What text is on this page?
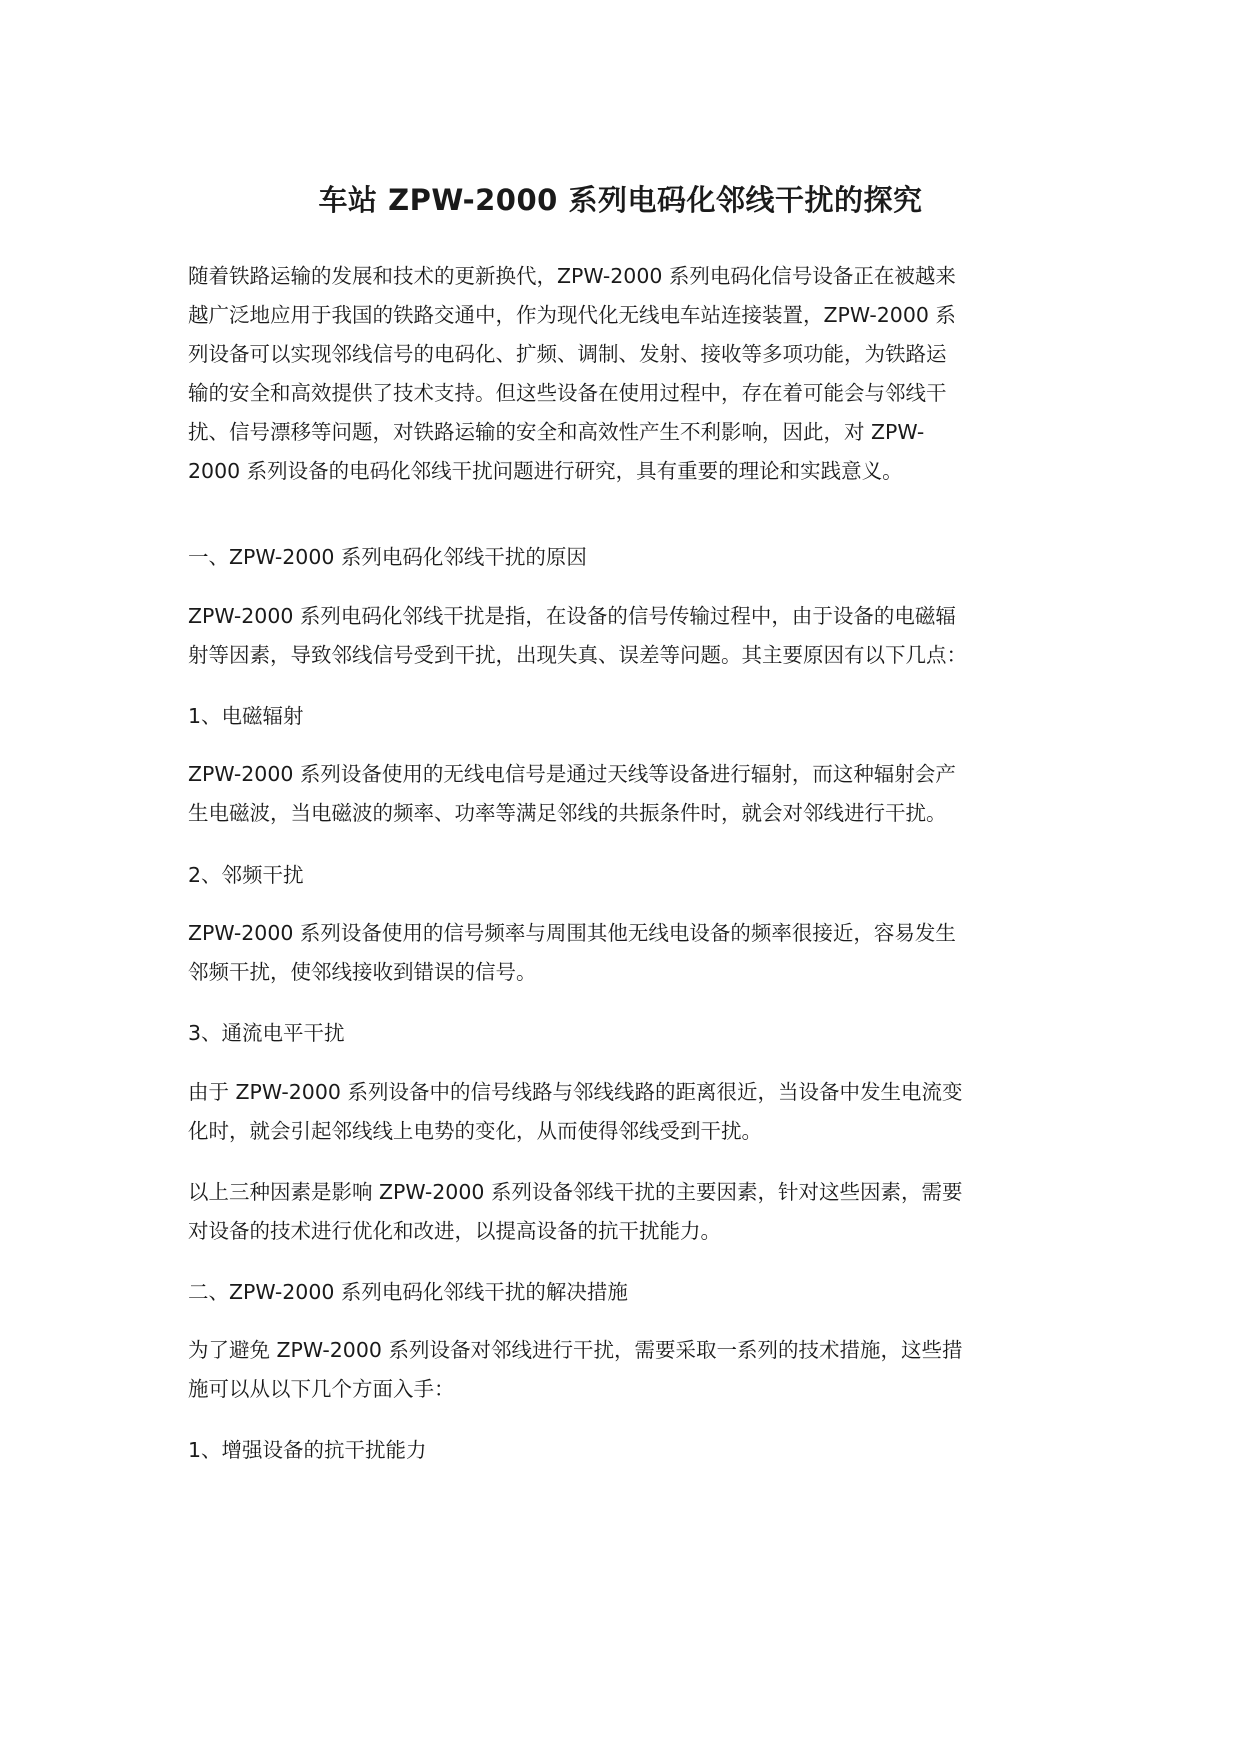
车站 ZPW-2000 系列电码化邻线干扰的探究

随着铁路运输的发展和技术的更新换代，ZPW-2000 系列电码化信号设备正在被越来
越广泛地应用于我国的铁路交通中，作为现代化无线电车站连接装置，ZPW-2000 系
列设备可以实现邻线信号的电码化、扩频、调制、发射、接收等多项功能，为铁路运
输的安全和高效提供了技术支持。但这些设备在使用过程中，存在着可能会与邻线干
扰、信号漂移等问题，对铁路运输的安全和高效性产生不利影响，因此，对 ZPW-
2000 系列设备的电码化邻线干扰问题进行研究，具有重要的理论和实践意义。

一、ZPW-2000 系列电码化邻线干扰的原因

ZPW-2000 系列电码化邻线干扰是指，在设备的信号传输过程中，由于设备的电磁辐
射等因素，导致邻线信号受到干扰，出现失真、误差等问题。其主要原因有以下几点：

1、电磁辐射

ZPW-2000 系列设备使用的无线电信号是通过天线等设备进行辐射，而这种辐射会产
生电磁波，当电磁波的频率、功率等满足邻线的共振条件时，就会对邻线进行干扰。

2、邻频干扰

ZPW-2000 系列设备使用的信号频率与周围其他无线电设备的频率很接近，容易发生
邻频干扰，使邻线接收到错误的信号。

3、通流电平干扰

由于 ZPW-2000 系列设备中的信号线路与邻线线路的距离很近，当设备中发生电流变
化时，就会引起邻线线上电势的变化，从而使得邻线受到干扰。

以上三种因素是影响 ZPW-2000 系列设备邻线干扰的主要因素，针对这些因素，需要
对设备的技术进行优化和改进，以提高设备的抗干扰能力。

二、ZPW-2000 系列电码化邻线干扰的解决措施

为了避免 ZPW-2000 系列设备对邻线进行干扰，需要采取一系列的技术措施，这些措
施可以从以下几个方面入手：

1、增强设备的抗干扰能力
